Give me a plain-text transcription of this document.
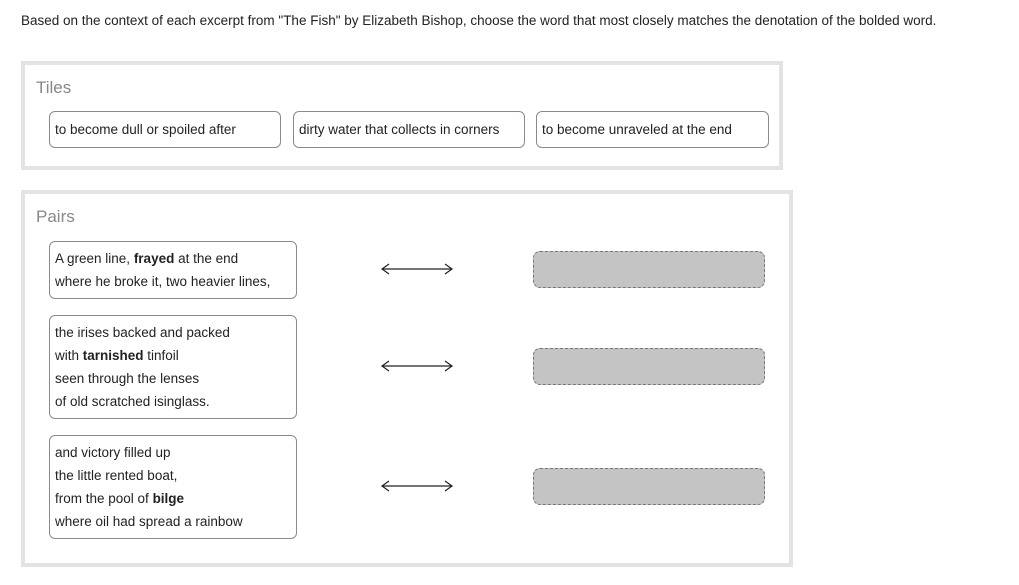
Based on the context of each excerpt from "The Fish" by Elizabeth Bishop, choose the word that most closely matches the denotation of the bolded word.
Tiles
to become dull or spoiled after	dirty water that collects in corners	to become unraveled at the end
Pairs
A green line, frayed at the end
where he broke it, two heavier lines,
the irises backed and packed
with tarnished tinfoil
seen through the lenses
of old scratched isinglass.
and victory filled up
the little rented boat,
from the pool of bilge
where oil had spread a rainbow
